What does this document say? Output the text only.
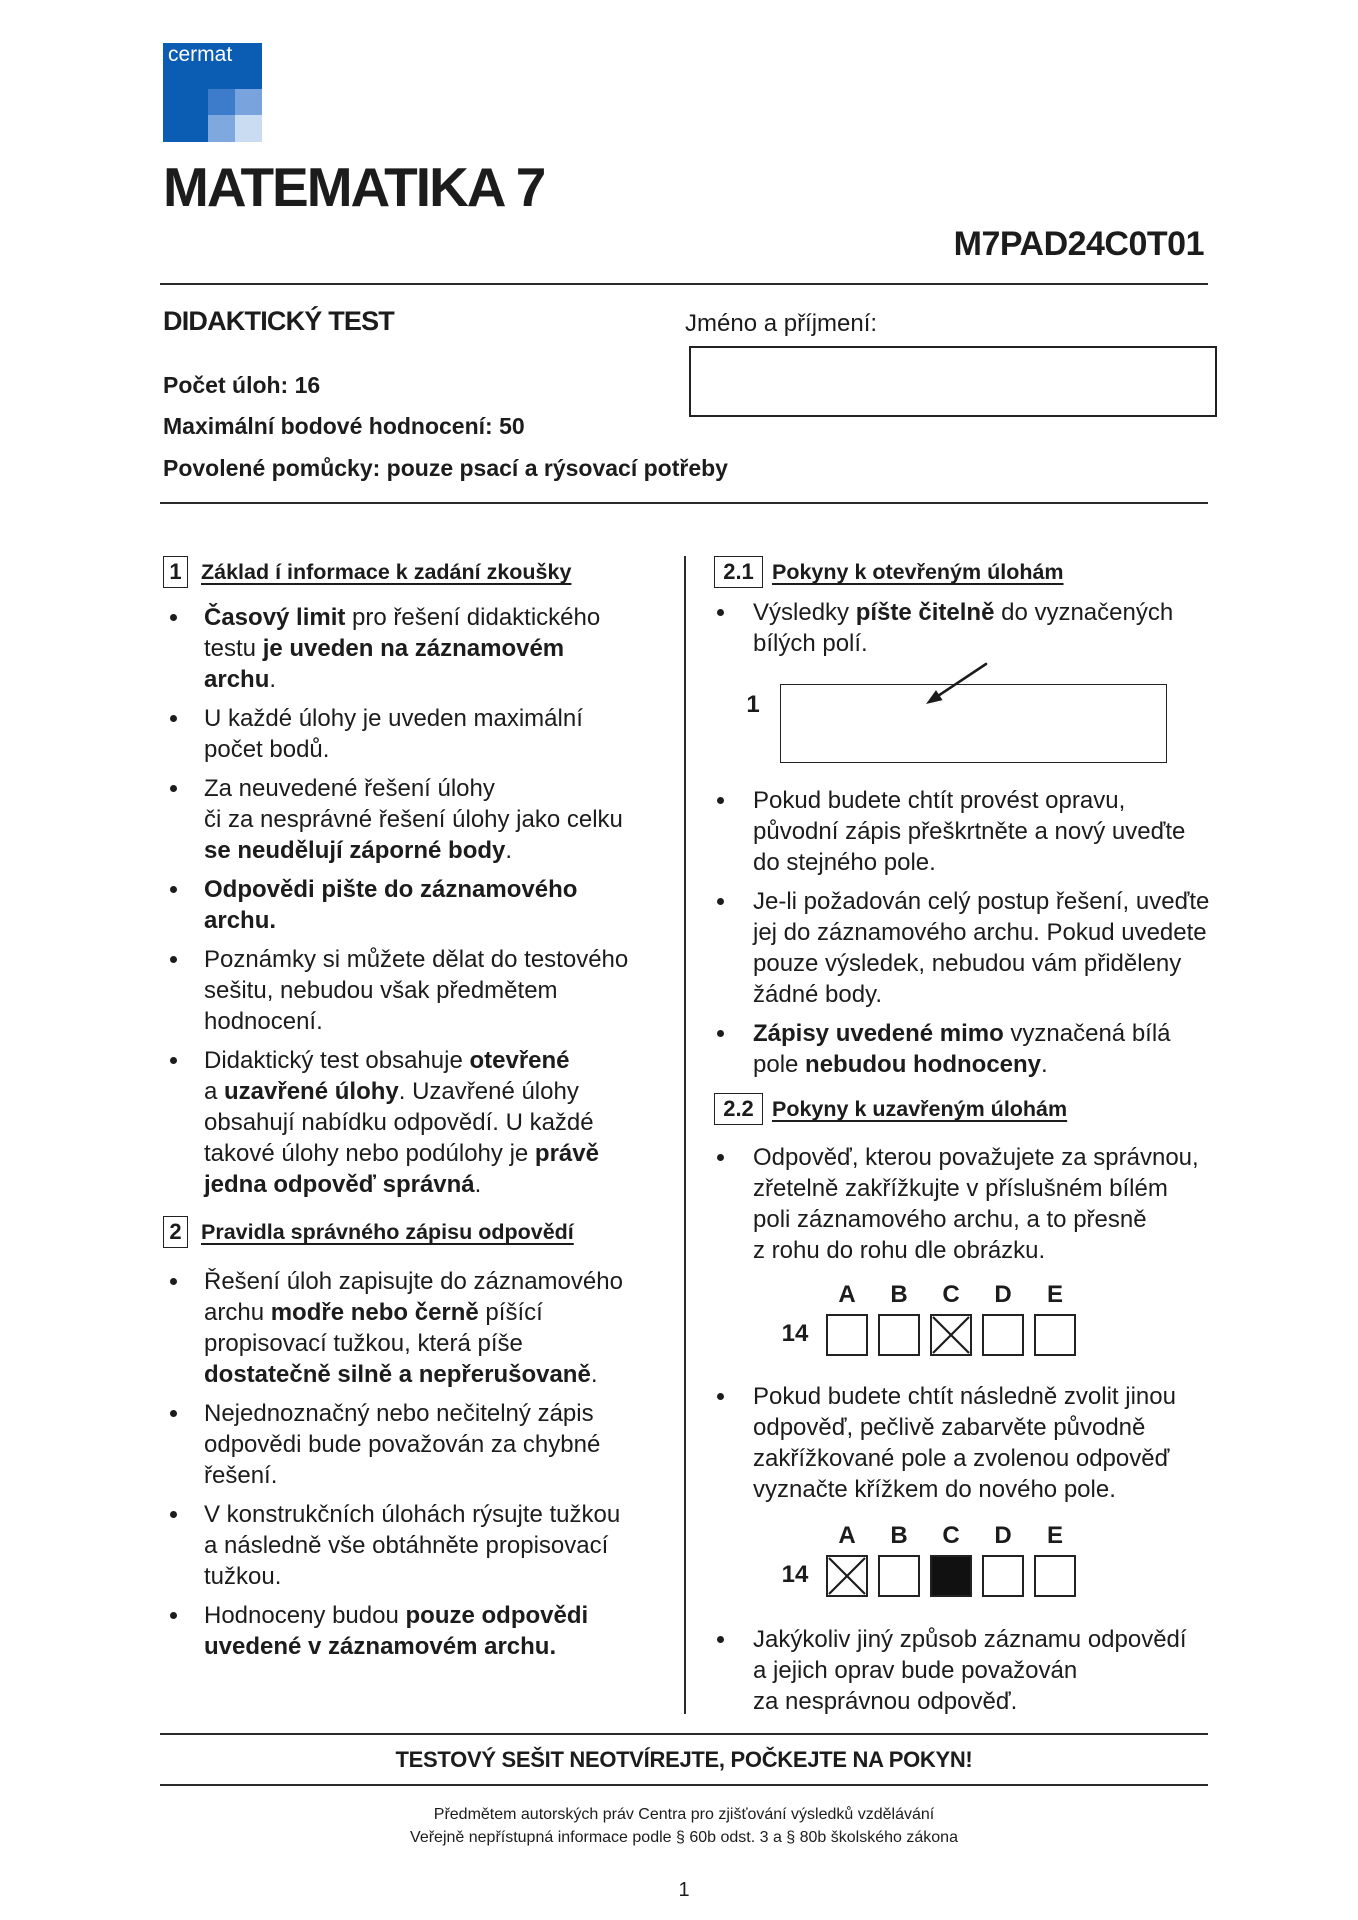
cermat
MATEMATIKA 7
M7PAD24C0T01
DIDAKTICKÝ TEST	Jméno a příjmení:
Počet úloh: 16
Maximální bodové hodnocení: 50
Povolené pomůcky: pouze psací a rýsovací potřeby
1 Základ í informace k zadání zkoušky
Časový limit pro řešení didaktického
testu je uveden na záznamovém
archu.
U každé úlohy je uveden maximální
počet bodů.
Za neuvedené řešení úlohy
či za nesprávné řešení úlohy jako celku
se neudělují záporné body.
Odpovědi pište do záznamového
archu.
Poznámky si můžete dělat do testového
sešitu, nebudou však předmětem
hodnocení.
Didaktický test obsahuje otevřené
a uzavřené úlohy. Uzavřené úlohy
obsahují nabídku odpovědí. U každé
takové úlohy nebo podúlohy je právě
jedna odpověď správná.
2 Pravidla správného zápisu odpovědí
Řešení úloh zapisujte do záznamového
archu modře nebo černě píšící
propisovací tužkou, která píše
dostatečně silně a nepřerušovaně.
Nejednoznačný nebo nečitelný zápis
odpovědi bude považován za chybné
řešení.
V konstrukčních úlohách rýsujte tužkou
a následně vše obtáhněte propisovací
tužkou.
Hodnoceny budou pouze odpovědi
uvedené v záznamovém archu.
2.1 Pokyny k otevřeným úlohám
Výsledky píšte čitelně do vyznačených
bílých polí.
1
Pokud budete chtít provést opravu,
původní zápis přeškrtněte a nový uveďte
do stejného pole.
Je-li požadován celý postup řešení, uveďte
jej do záznamového archu. Pokud uvedete
pouze výsledek, nebudou vám přiděleny
žádné body.
Zápisy uvedené mimo vyznačená bílá
pole nebudou hodnoceny.
2.2 Pokyny k uzavřeným úlohám
Odpověď, kterou považujete za správnou,
zřetelně zakřížkujte v příslušném bílém
poli záznamového archu, a to přesně
z rohu do rohu dle obrázku.
14
A	B	C	D	E
Pokud budete chtít následně zvolit jinou
odpověď, pečlivě zabarvěte původně
zakřížkované pole a zvolenou odpověď
vyznačte křížkem do nového pole.
14
A	B	C	D	E
Jakýkoliv jiný způsob záznamu odpovědí
a jejich oprav bude považován
za nesprávnou odpověď.
TESTOVÝ SEŠIT NEOTVÍREJTE, POČKEJTE NA POKYN!
Předmětem autorských práv Centra pro zjišťování výsledků vzdělávání
Veřejně nepřístupná informace podle § 60b odst. 3 a § 80b školského zákona
1
